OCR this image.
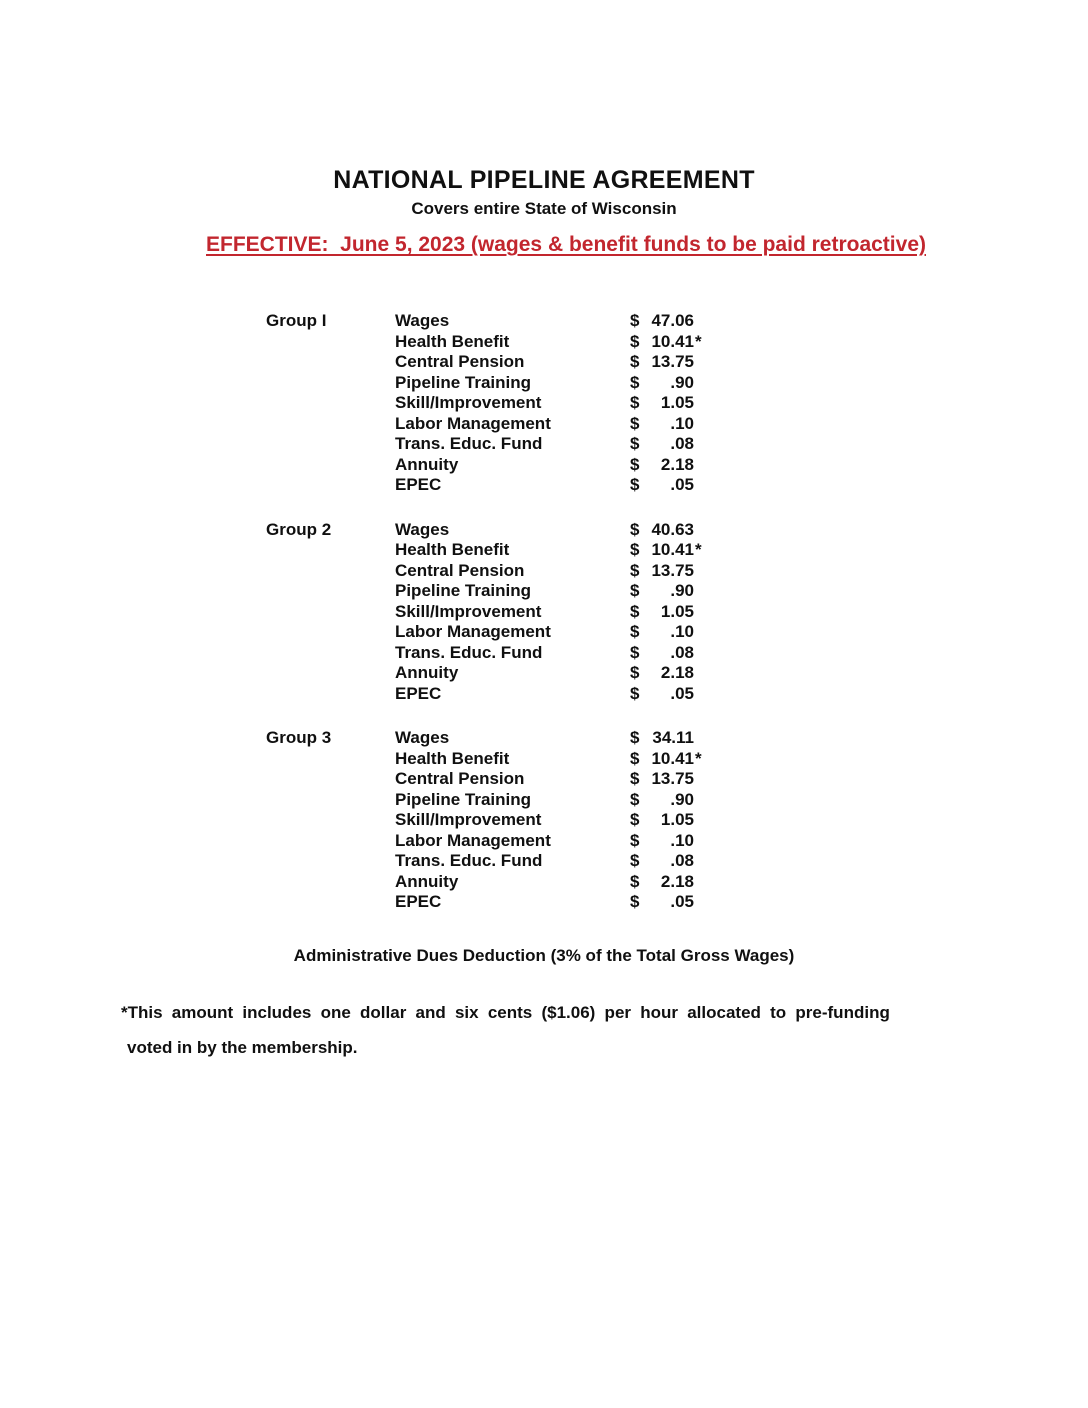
NATIONAL PIPELINE AGREEMENT
Covers entire State of Wisconsin
EFFECTIVE:  June 5, 2023 (wages & benefit funds to be paid retroactive)
Group I	Wages	$ 47.06
Health Benefit	$ 10.41 *
Central Pension	$ 13.75
Pipeline Training	$	.90
Skill/Improvement	$	1.05
Labor Management	$	.10
Trans. Educ. Fund	$	.08
Annuity	$	2.18
EPEC	$	.05
Group 2	Wages	$ 40.63
Health Benefit	$ 10.41 *
Central Pension	$ 13.75
Pipeline Training	$	.90
Skill/Improvement	$	1.05
Labor Management	$	.10
Trans. Educ. Fund	$	.08
Annuity	$	2.18
EPEC	$	.05
Group 3	Wages	$ 34.11
Health Benefit	$ 10.41 *
Central Pension	$ 13.75
Pipeline Training	$	.90
Skill/Improvement	$	1.05
Labor Management	$	.10
Trans. Educ. Fund	$	.08
Annuity	$	2.18
EPEC	$	.05
Administrative Dues Deduction (3% of the Total Gross Wages)
*This amount includes one dollar and six cents ($1.06) per hour allocated to pre-funding
voted in by the membership.
